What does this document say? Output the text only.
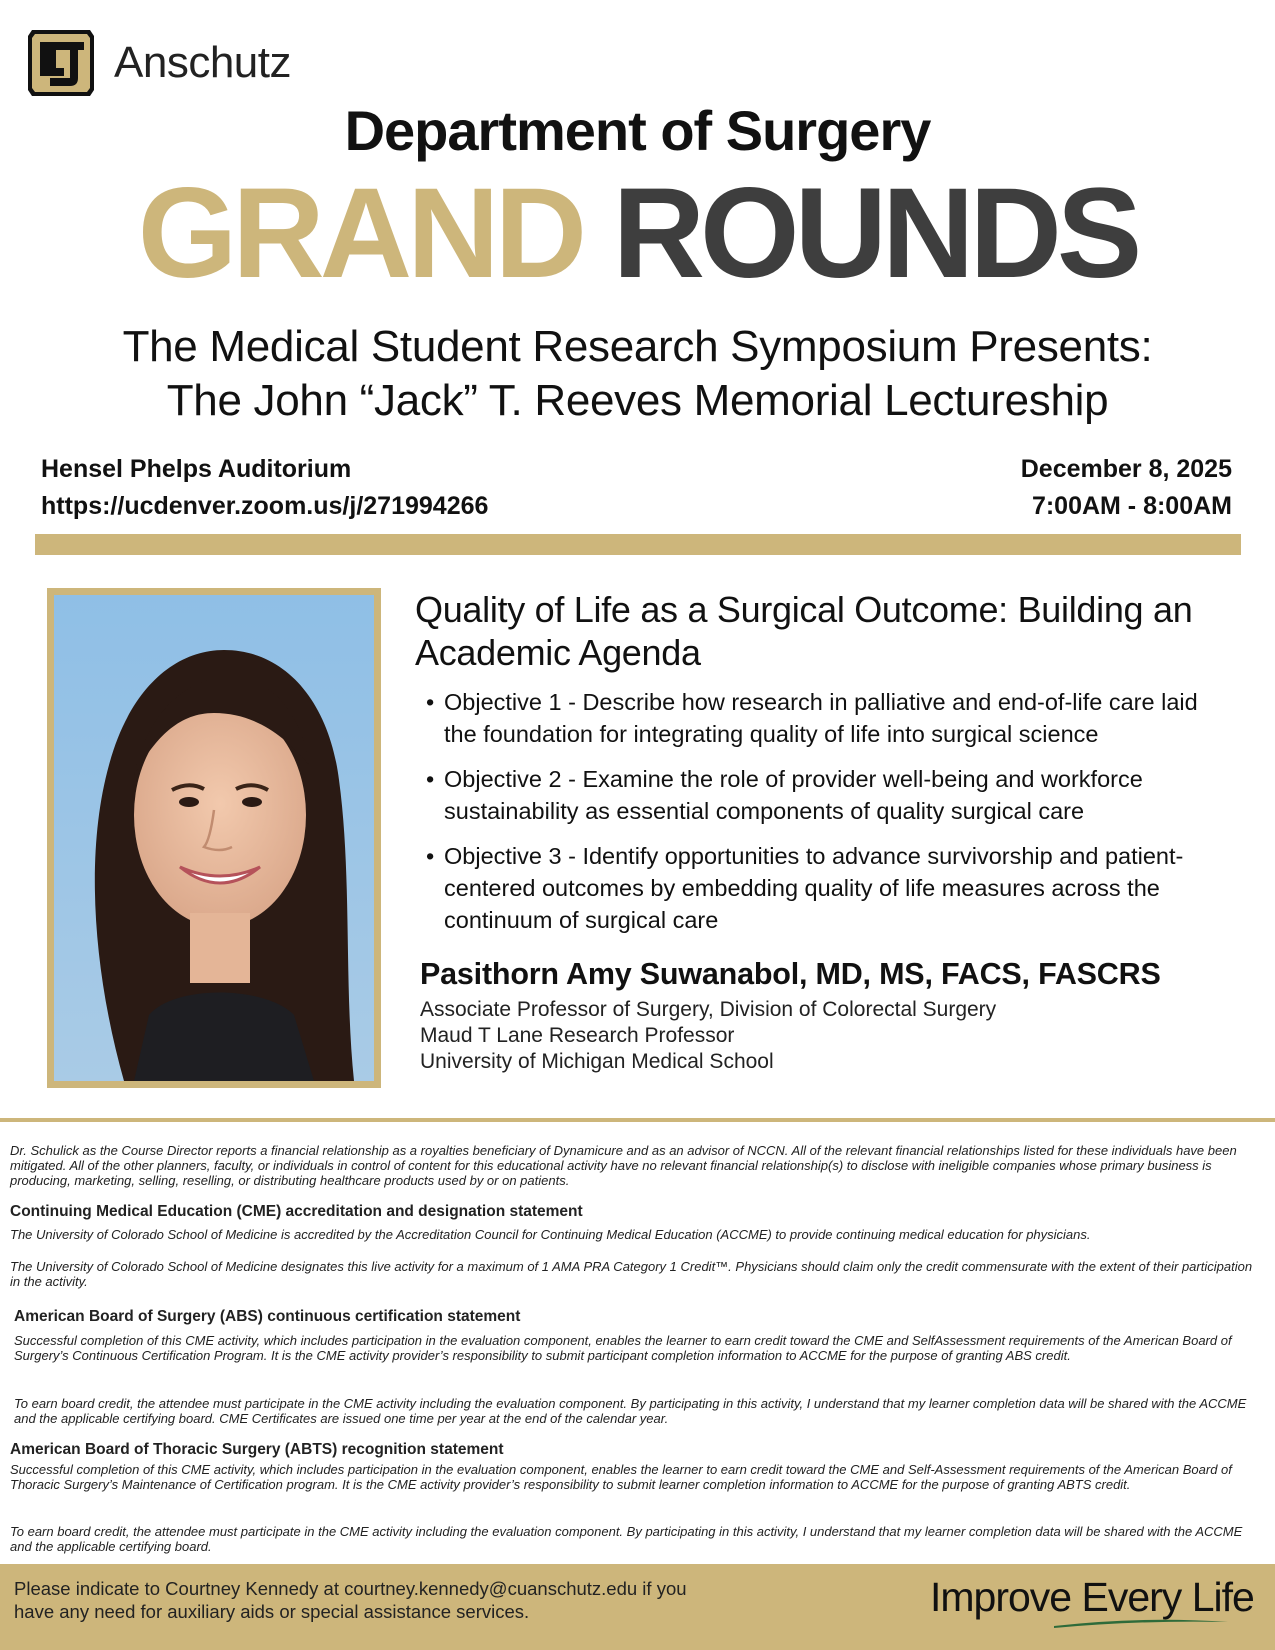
Anschutz
Department of Surgery
GRAND ROUNDS
The Medical Student Research Symposium Presents:
The John “Jack” T. Reeves Memorial Lectureship
Hensel Phelps Auditorium
https://ucdenver.zoom.us/j/271994266
December 8, 2025
7:00AM - 8:00AM
Quality of Life as a Surgical Outcome: Building an Academic Agenda
• Objective 1 - Describe how research in palliative and end-of-life care laid the foundation for integrating quality of life into surgical science
• Objective 2 - Examine the role of provider well-being and workforce sustainability as essential components of quality surgical care
• Objective 3 - Identify opportunities to advance survivorship and patient-centered outcomes by embedding quality of life measures across the continuum of surgical care
Pasithorn Amy Suwanabol, MD, MS, FACS, FASCRS
Associate Professor of Surgery, Division of Colorectal Surgery
Maud T Lane Research Professor
University of Michigan Medical School
Dr. Schulick as the Course Director reports a financial relationship as a royalties beneficiary of Dynamicure and as an advisor of NCCN. All of the relevant financial relationships listed for these individuals have been mitigated. All of the other planners, faculty, or individuals in control of content for this educational activity have no relevant financial relationship(s) to disclose with ineligible companies whose primary business is producing, marketing, selling, reselling, or distributing healthcare products used by or on patients.
Continuing Medical Education (CME) accreditation and designation statement
The University of Colorado School of Medicine is accredited by the Accreditation Council for Continuing Medical Education (ACCME) to provide continuing medical education for physicians.
The University of Colorado School of Medicine designates this live activity for a maximum of 1 AMA PRA Category 1 Credit™. Physicians should claim only the credit commensurate with the extent of their participation in the activity.
American Board of Surgery (ABS) continuous certification statement
Successful completion of this CME activity, which includes participation in the evaluation component, enables the learner to earn credit toward the CME and SelfAssessment requirements of the American Board of Surgery’s Continuous Certification Program. It is the CME activity provider’s responsibility to submit participant completion information to ACCME for the purpose of granting ABS credit.
To earn board credit, the attendee must participate in the CME activity including the evaluation component. By participating in this activity, I understand that my learner completion data will be shared with the ACCME and the applicable certifying board. CME Certificates are issued one time per year at the end of the calendar year.
American Board of Thoracic Surgery (ABTS) recognition statement
Successful completion of this CME activity, which includes participation in the evaluation component, enables the learner to earn credit toward the CME and Self-Assessment requirements of the American Board of Thoracic Surgery’s Maintenance of Certification program. It is the CME activity provider’s responsibility to submit learner completion information to ACCME for the purpose of granting ABTS credit.
To earn board credit, the attendee must participate in the CME activity including the evaluation component. By participating in this activity, I understand that my learner completion data will be shared with the ACCME and the applicable certifying board.
Please indicate to Courtney Kennedy at courtney.kennedy@cuanschutz.edu if you have any need for auxiliary aids or special assistance services.	Improve Every Life
